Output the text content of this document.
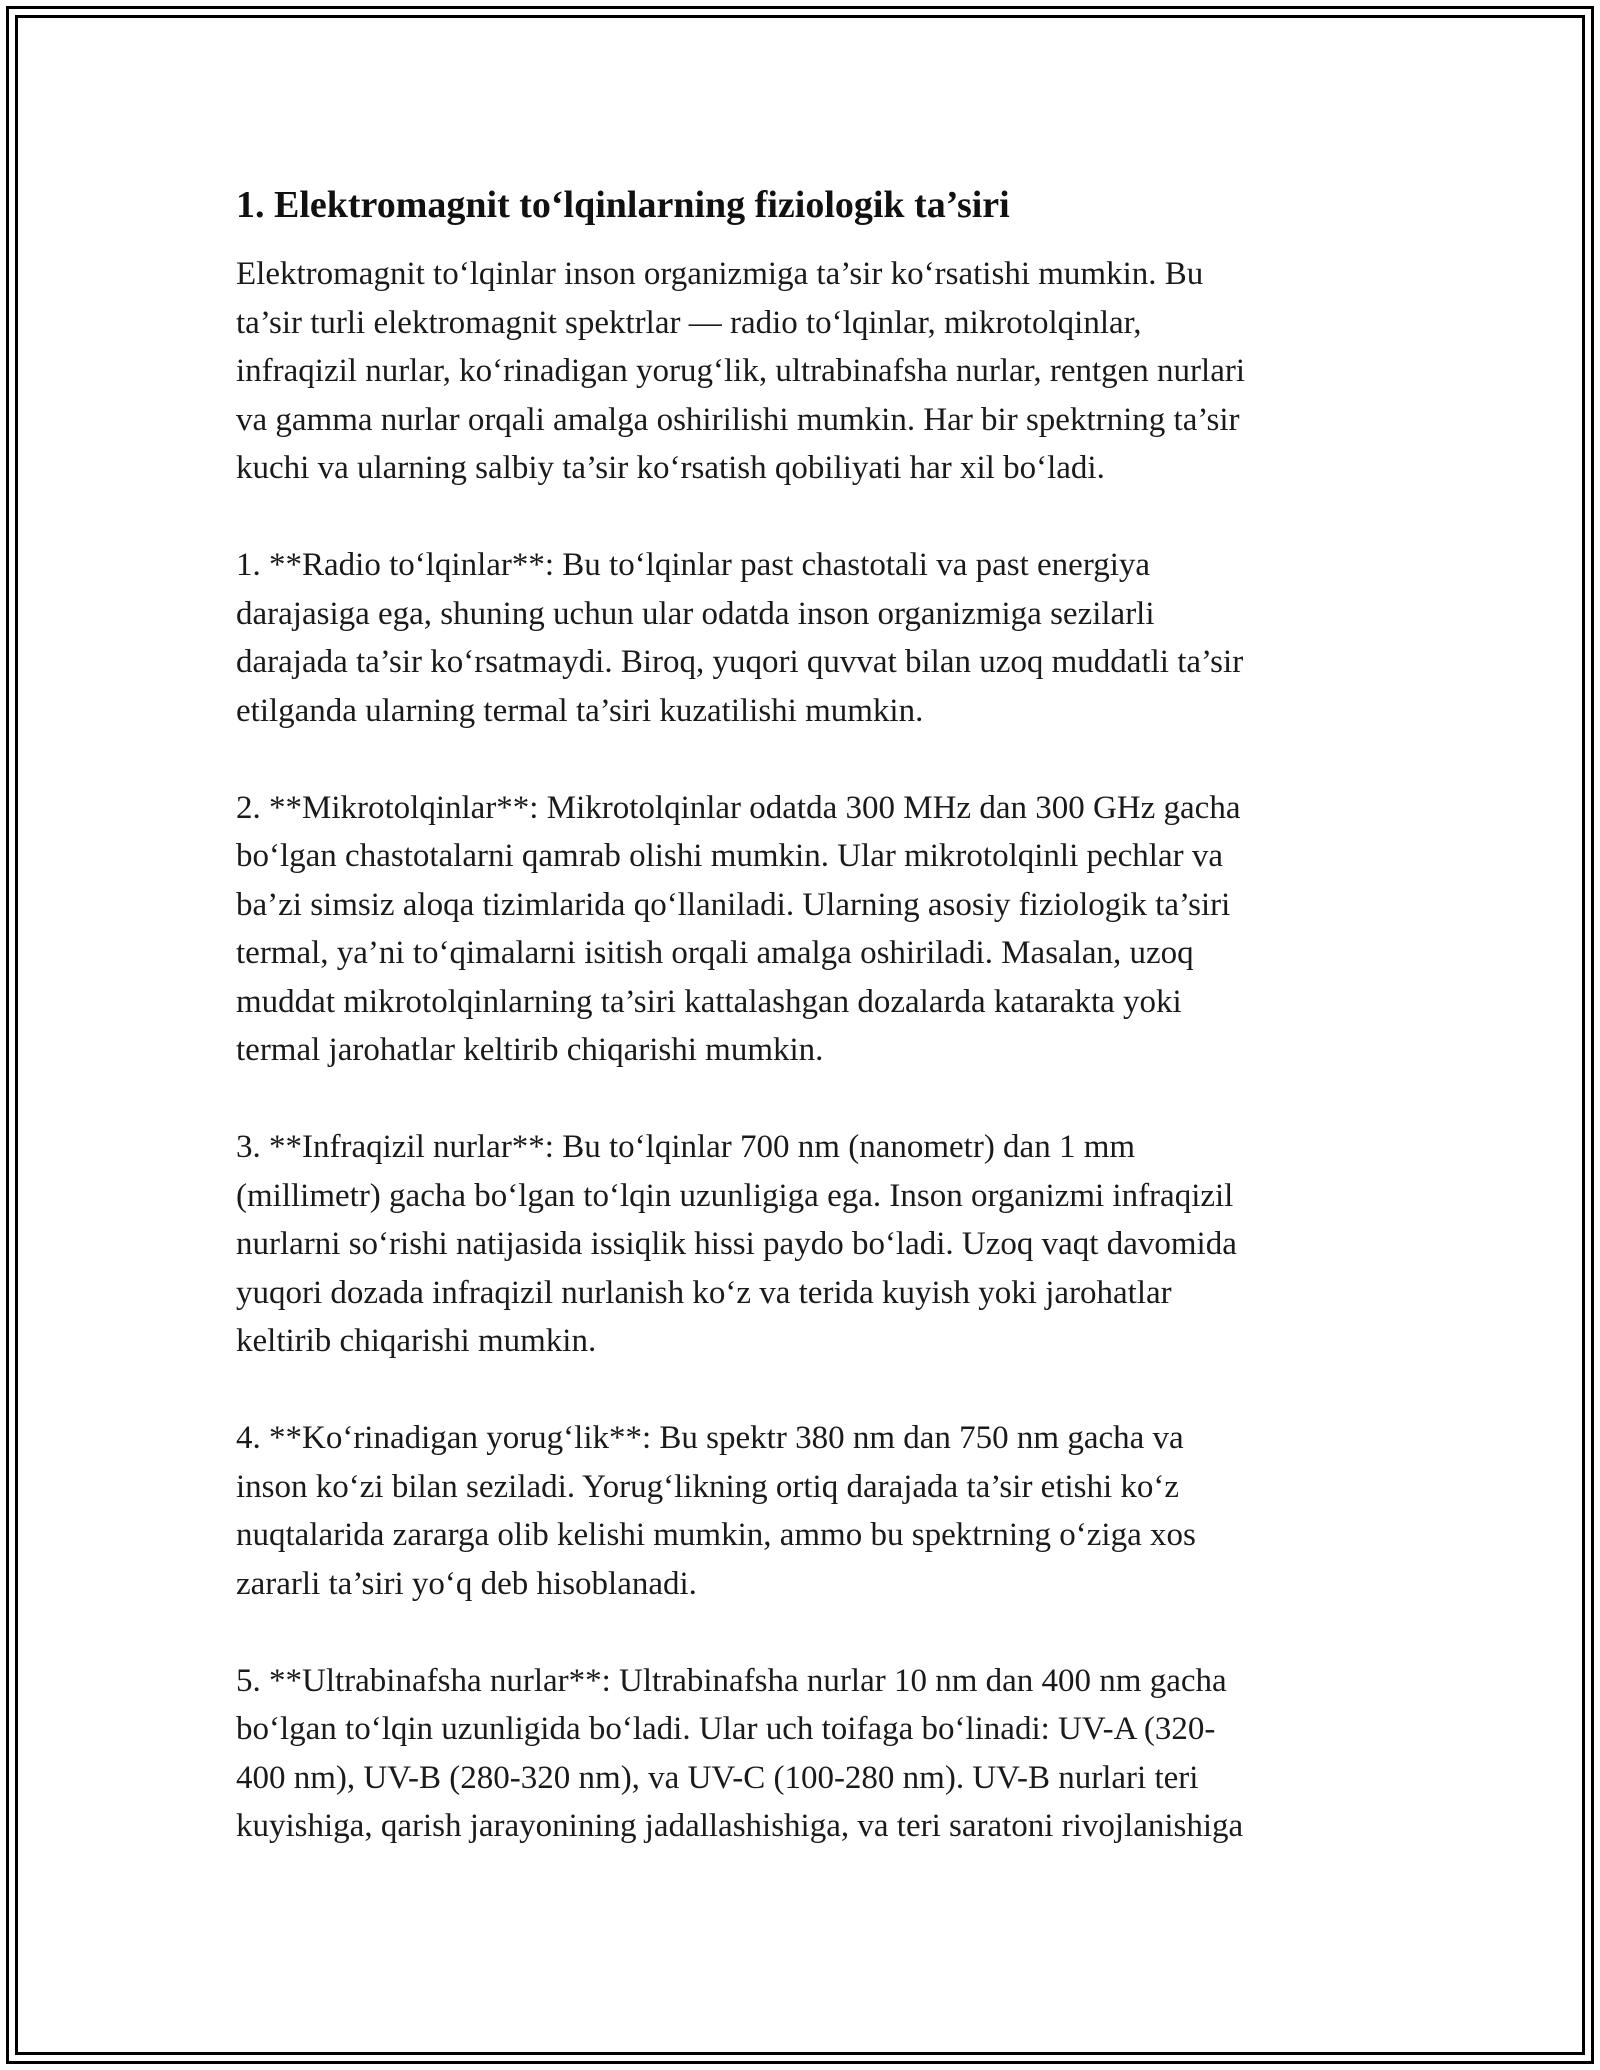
1. Elektromagnit to‘lqinlarning fiziologik ta’siri

Elektromagnit to‘lqinlar inson organizmiga ta’sir ko‘rsatishi mumkin. Bu
ta’sir turli elektromagnit spektrlar — radio to‘lqinlar, mikrotolqinlar,
infraqizil nurlar, ko‘rinadigan yorug‘lik, ultrabinafsha nurlar, rentgen nurlari
va gamma nurlar orqali amalga oshirilishi mumkin. Har bir spektrning ta’sir
kuchi va ularning salbiy ta’sir ko‘rsatish qobiliyati har xil bo‘ladi.

1. **Radio to‘lqinlar**: Bu to‘lqinlar past chastotali va past energiya
darajasiga ega, shuning uchun ular odatda inson organizmiga sezilarli
darajada ta’sir ko‘rsatmaydi. Biroq, yuqori quvvat bilan uzoq muddatli ta’sir
etilganda ularning termal ta’siri kuzatilishi mumkin.

2. **Mikrotolqinlar**: Mikrotolqinlar odatda 300 MHz dan 300 GHz gacha
bo‘lgan chastotalarni qamrab olishi mumkin. Ular mikrotolqinli pechlar va
ba’zi simsiz aloqa tizimlarida qo‘llaniladi. Ularning asosiy fiziologik ta’siri
termal, ya’ni to‘qimalarni isitish orqali amalga oshiriladi. Masalan, uzoq
muddat mikrotolqinlarning ta’siri kattalashgan dozalarda katarakta yoki
termal jarohatlar keltirib chiqarishi mumkin.

3. **Infraqizil nurlar**: Bu to‘lqinlar 700 nm (nanometr) dan 1 mm
(millimetr) gacha bo‘lgan to‘lqin uzunligiga ega. Inson organizmi infraqizil
nurlarni so‘rishi natijasida issiqlik hissi paydo bo‘ladi. Uzoq vaqt davomida
yuqori dozada infraqizil nurlanish ko‘z va terida kuyish yoki jarohatlar
keltirib chiqarishi mumkin.

4. **Ko‘rinadigan yorug‘lik**: Bu spektr 380 nm dan 750 nm gacha va
inson ko‘zi bilan seziladi. Yorug‘likning ortiq darajada ta’sir etishi ko‘z
nuqtalarida zararga olib kelishi mumkin, ammo bu spektrning o‘ziga xos
zararli ta’siri yo‘q deb hisoblanadi.

5. **Ultrabinafsha nurlar**: Ultrabinafsha nurlar 10 nm dan 400 nm gacha
bo‘lgan to‘lqin uzunligida bo‘ladi. Ular uch toifaga bo‘linadi: UV-A (320-
400 nm), UV-B (280-320 nm), va UV-C (100-280 nm). UV-B nurlari teri
kuyishiga, qarish jarayonining jadallashishiga, va teri saratoni rivojlanishiga
